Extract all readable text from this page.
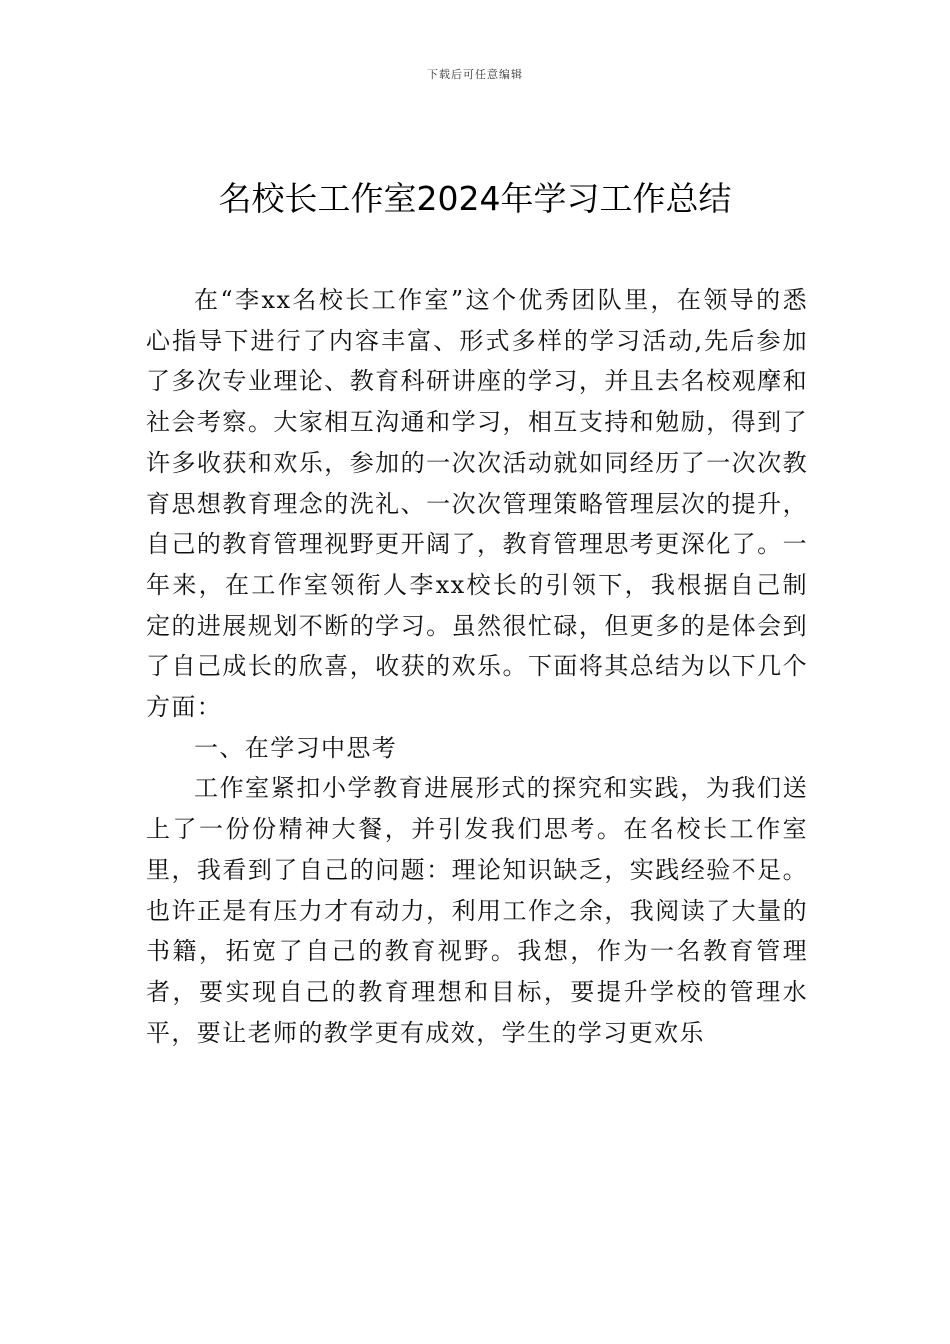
下载后可任意编辑
名校长工作室2024年学习工作总结

在“李xx名校长工作室”这个优秀团队里，在领导的悉心指导下进行了内容丰富、形式多样的学习活动,先后参加了多次专业理论、教育科研讲座的学习，并且去名校观摩和社会考察。大家相互沟通和学习，相互支持和勉励，得到了许多收获和欢乐，参加的一次次活动就如同经历了一次次教育思想教育理念的洗礼、一次次管理策略管理层次的提升，自己的教育管理视野更开阔了，教育管理思考更深化了。一年来，在工作室领衔人李xx校长的引领下，我根据自己制定的进展规划不断的学习。虽然很忙碌，但更多的是体会到了自己成长的欣喜，收获的欢乐。下面将其总结为以下几个方面：

一、在学习中思考

工作室紧扣小学教育进展形式的探究和实践，为我们送上了一份份精神大餐，并引发我们思考。在名校长工作室里，我看到了自己的问题：理论知识缺乏，实践经验不足。也许正是有压力才有动力，利用工作之余，我阅读了大量的书籍，拓宽了自己的教育视野。我想，作为一名教育管理者，要实现自己的教育理想和目标，要提升学校的管理水平，要让老师的教学更有成效，学生的学习更欢乐
